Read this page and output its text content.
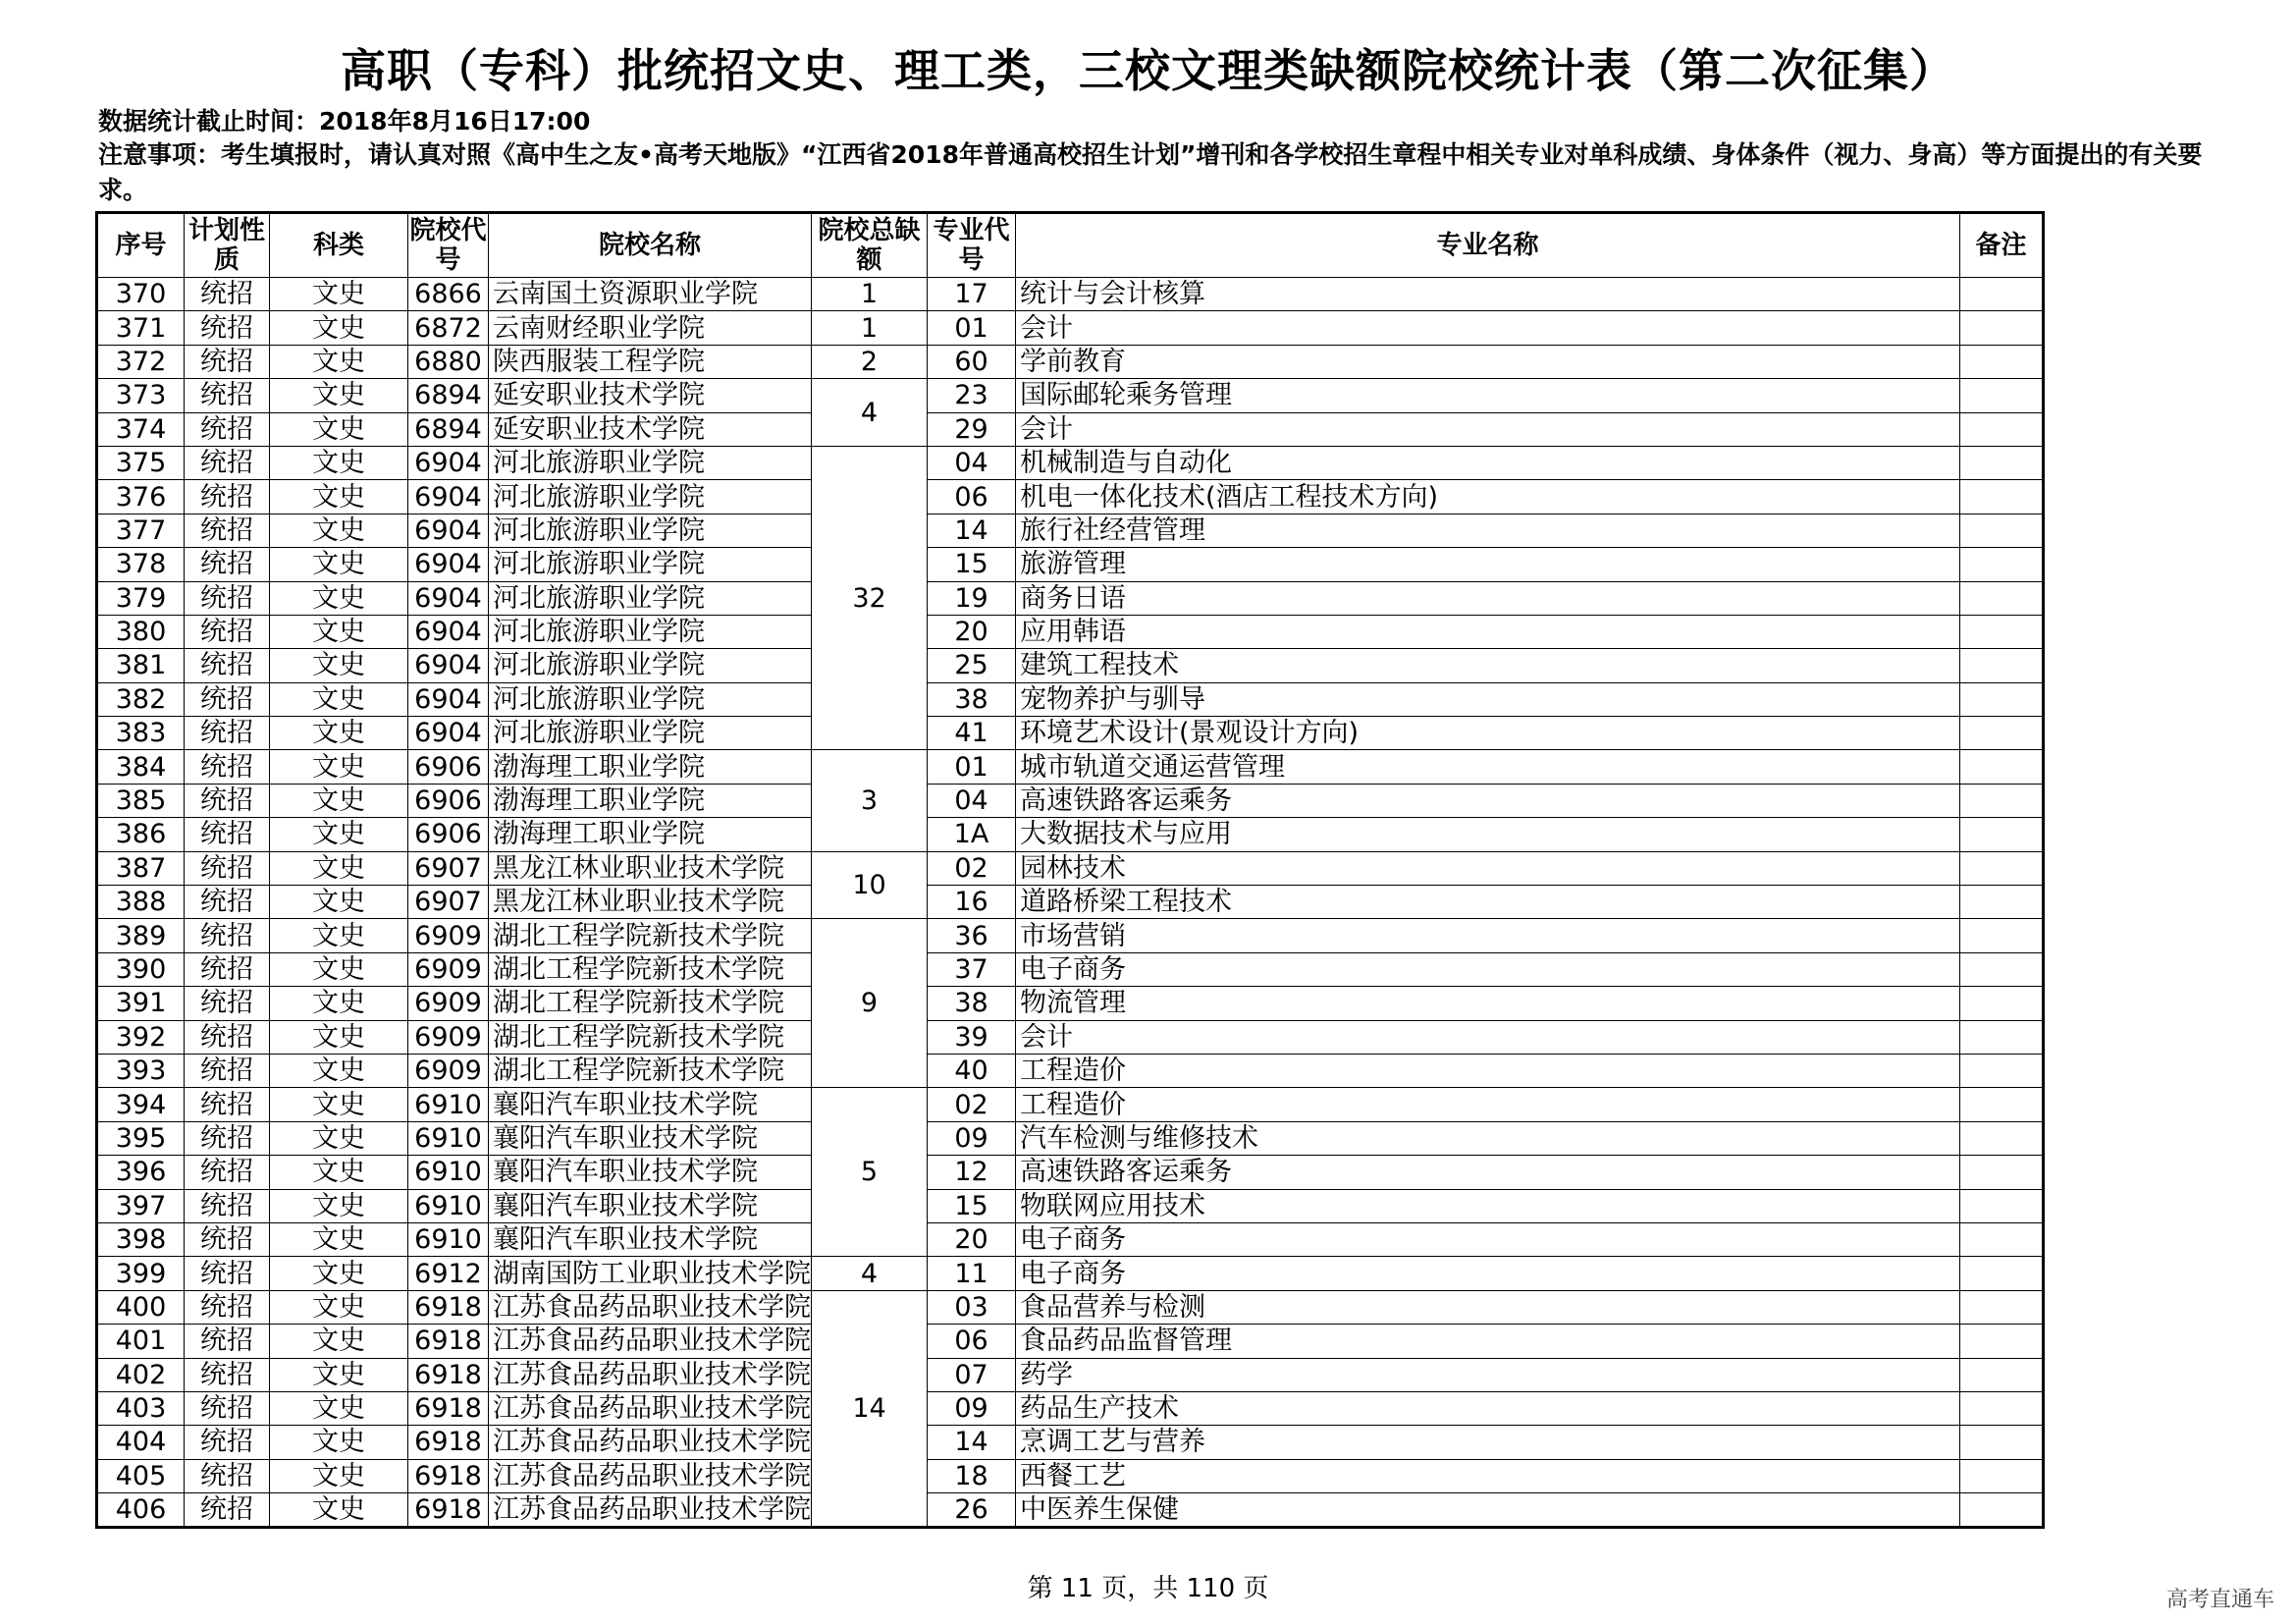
高职（专科）批统招文史、理工类，三校文理类缺额院校统计表（第二次征集）
数据统计截止时间：2018年8月16日17:00
注意事项：考生填报时，请认真对照《高中生之友•高考天地版》“江西省2018年普通高校招生计划”增刊和各学校招生章程中相关专业对单科成绩、身体条件（视力、身高）等方面提出的有关要求。
序号	计划性质	科类	院校代号	院校名称	院校总缺额	专业代号	专业名称	备注
370	统招	文史	6866	云南国土资源职业学院	1	17	统计与会计核算	
371	统招	文史	6872	云南财经职业学院	1	01	会计	
372	统招	文史	6880	陕西服装工程学院	2	60	学前教育	
373	统招	文史	6894	延安职业技术学院	4	23	国际邮轮乘务管理	
374	统招	文史	6894	延安职业技术学院		29	会计	
375	统招	文史	6904	河北旅游职业学院	32	04	机械制造与自动化	
376	统招	文史	6904	河北旅游职业学院		06	机电一体化技术(酒店工程技术方向)	
377	统招	文史	6904	河北旅游职业学院		14	旅行社经营管理	
378	统招	文史	6904	河北旅游职业学院		15	旅游管理	
379	统招	文史	6904	河北旅游职业学院		19	商务日语	
380	统招	文史	6904	河北旅游职业学院		20	应用韩语	
381	统招	文史	6904	河北旅游职业学院		25	建筑工程技术	
382	统招	文史	6904	河北旅游职业学院		38	宠物养护与驯导	
383	统招	文史	6904	河北旅游职业学院		41	环境艺术设计(景观设计方向)	
384	统招	文史	6906	渤海理工职业学院	3	01	城市轨道交通运营管理	
385	统招	文史	6906	渤海理工职业学院		04	高速铁路客运乘务	
386	统招	文史	6906	渤海理工职业学院		1A	大数据技术与应用	
387	统招	文史	6907	黑龙江林业职业技术学院	10	02	园林技术	
388	统招	文史	6907	黑龙江林业职业技术学院		16	道路桥梁工程技术	
389	统招	文史	6909	湖北工程学院新技术学院	9	36	市场营销	
390	统招	文史	6909	湖北工程学院新技术学院		37	电子商务	
391	统招	文史	6909	湖北工程学院新技术学院		38	物流管理	
392	统招	文史	6909	湖北工程学院新技术学院		39	会计	
393	统招	文史	6909	湖北工程学院新技术学院		40	工程造价	
394	统招	文史	6910	襄阳汽车职业技术学院	5	02	工程造价	
395	统招	文史	6910	襄阳汽车职业技术学院		09	汽车检测与维修技术	
396	统招	文史	6910	襄阳汽车职业技术学院		12	高速铁路客运乘务	
397	统招	文史	6910	襄阳汽车职业技术学院		15	物联网应用技术	
398	统招	文史	6910	襄阳汽车职业技术学院		20	电子商务	
399	统招	文史	6912	湖南国防工业职业技术学院	4	11	电子商务	
400	统招	文史	6918	江苏食品药品职业技术学院	14	03	食品营养与检测	
401	统招	文史	6918	江苏食品药品职业技术学院		06	食品药品监督管理	
402	统招	文史	6918	江苏食品药品职业技术学院		07	药学	
403	统招	文史	6918	江苏食品药品职业技术学院		09	药品生产技术	
404	统招	文史	6918	江苏食品药品职业技术学院		14	烹调工艺与营养	
405	统招	文史	6918	江苏食品药品职业技术学院		18	西餐工艺	
406	统招	文史	6918	江苏食品药品职业技术学院		26	中医养生保健	
第 11 页，共 110 页	高考直通车
